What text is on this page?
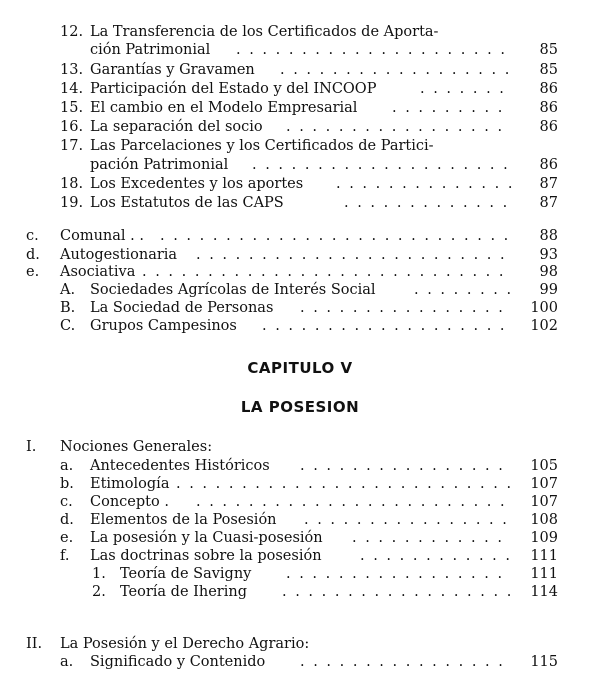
12. La Transferencia de los Certificados de Aporta-
ción Patrimonial . . .	85
13. Garantías y Gravamen . . .	85
14. Participación del Estado y del INCOOP . . .	86
15. El cambio en el Modelo Empresarial . . .	86
16. La separación del socio . . .	86
17. Las Parcelaciones y los Certificados de Partici-
pación Patrimonial . . .	86
18. Los Excedentes y los aportes . . .	87
19. Los Estatutos de las CAPS . . .	87
c. Comunal . . . . .	88
d. Autogestionaria . . .	93
e. Asociativa . . .	98
A. Sociedades Agrícolas de Interés Social . . .	99
B. La Sociedad de Personas . . .	100
C. Grupos Campesinos . . .	102
CAPITULO V
LA POSESION
I. Nociones Generales:
a. Antecedentes Históricos . . .	105
b. Etimología . . .	107
c. Concepto . . . .	107
d. Elementos de la Posesión . . .	108
e. La posesión y la Cuasi-posesión . . .	109
f. Las doctrinas sobre la posesión . . .	111
1. Teoría de Savigny . . .	111
2. Teoría de Ihering . . .	114
II. La Posesión y el Derecho Agrario:
a. Significado y Contenido . . .	115
